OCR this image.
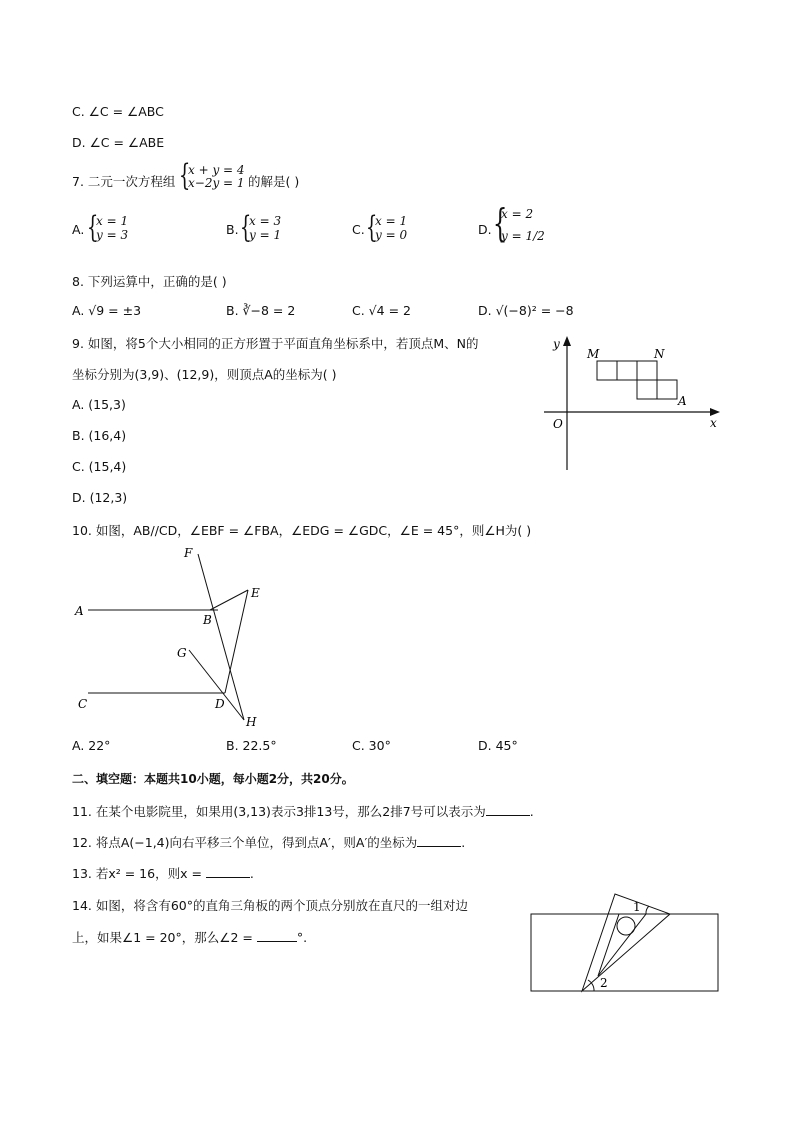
C. ∠C = ∠ABC
D. ∠C = ∠ABE
7. 二元一次方程组 {
x + y = 4
x−2y = 1 的解是( )
A. {
x = 1
y = 3	B. {
x = 3
y = 1	C. {
x = 1
y = 0	D. {
x = 2
y = 1/2
8. 下列运算中，正确的是( )
A. √9 = ±3	B. ∛−8 = 2	C. √4 = 2	D. √(−8)² = −8
9. 如图，将5个大小相同的正方形置于平面直角坐标系中，若顶点M、N的
坐标分别为(3,9)、(12,9)，则顶点A的坐标为( )
A. (15,3)
B. (16,4)
C. (15,4)
D. (12,3)
y
x
O
M	N
A
10. 如图，AB//CD，∠EBF = ∠FBA，∠EDG = ∠GDC，∠E = 45°，则∠H为( )
F
E
A
B
G
C	D
H
A. 22°	B. 22.5°	C. 30°	D. 45°
二、填空题：本题共10小题，每小题2分，共20分。
11. 在某个电影院里，如果用(3,13)表示3排13号，那么2排7号可以表示为	.
12. 将点A(−1,4)向右平移三个单位，得到点A′，则A′的坐标为	.
13. 若x² = 16，则x =	.
14. 如图，将含有60°的直角三角板的两个顶点分别放在直尺的一组对边
上，如果∠1 = 20°，那么∠2 =	°.
1
2
